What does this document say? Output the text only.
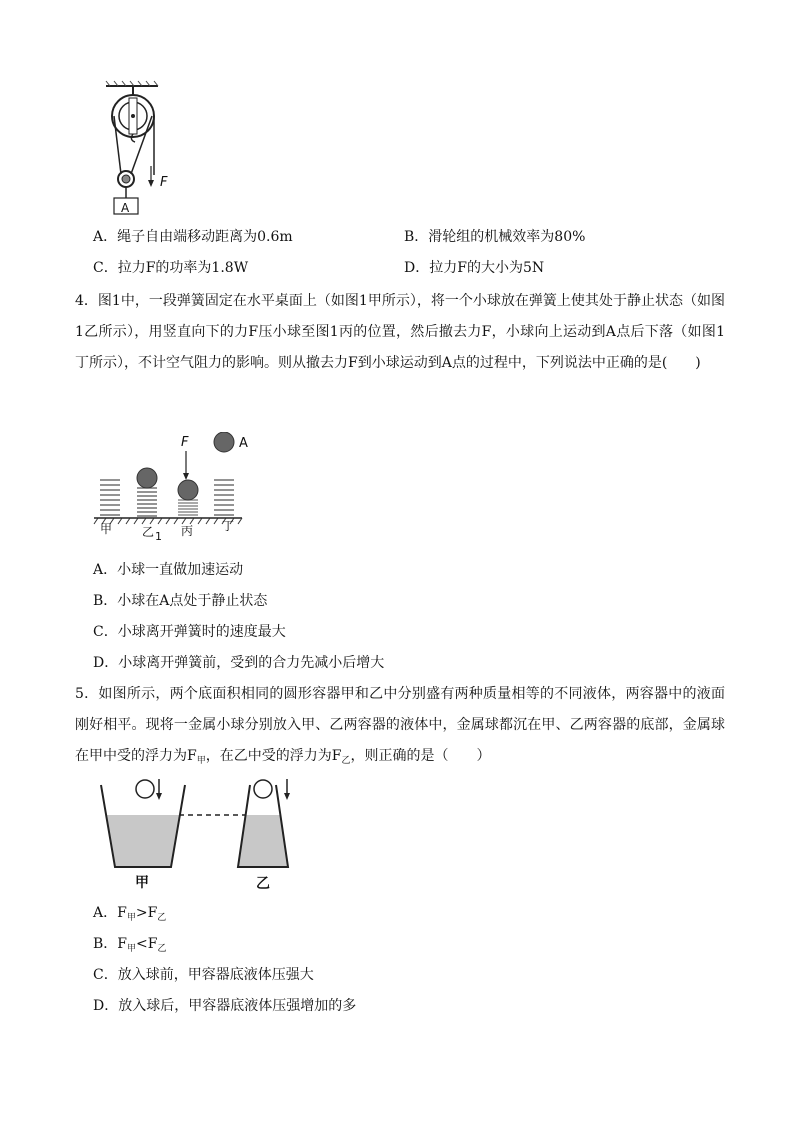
F
A
A．绳子自由端移动距离为0.6m	B．滑轮组的机械效率为80%
C．拉力F的功率为1.8W	D．拉力F的大小为5N
4．图1中，一段弹簧固定在水平桌面上（如图1甲所示），将一个小球放在弹簧上使其处于静止状态（如图1乙所示），用竖直向下的力F压小球至图1丙的位置，然后撤去力F，小球向上运动到A点后下落（如图1丁所示），不计空气阻力的影响。则从撤去力F到小球运动到A点的过程中，下列说法中正确的是(　　)
F	A
甲 乙 1 丙 丁
A．小球一直做加速运动
B．小球在A点处于静止状态
C．小球离开弹簧时的速度最大
D．小球离开弹簧前，受到的合力先减小后增大
5．如图所示，两个底面积相同的圆形容器甲和乙中分别盛有两种质量相等的不同液体，两容器中的液面刚好相平。现将一金属小球分别放入甲、乙两容器的液体中，金属球都沉在甲、乙两容器的底部，金属球在甲中受的浮力为$F_甲$，在乙中受的浮力为$F_乙$，则正确的是（　　）
甲	乙
A．$F_甲>F_乙$
B．$F_甲<F_乙$
C．放入球前，甲容器底液体压强大
D．放入球后，甲容器底液体压强增加的多
